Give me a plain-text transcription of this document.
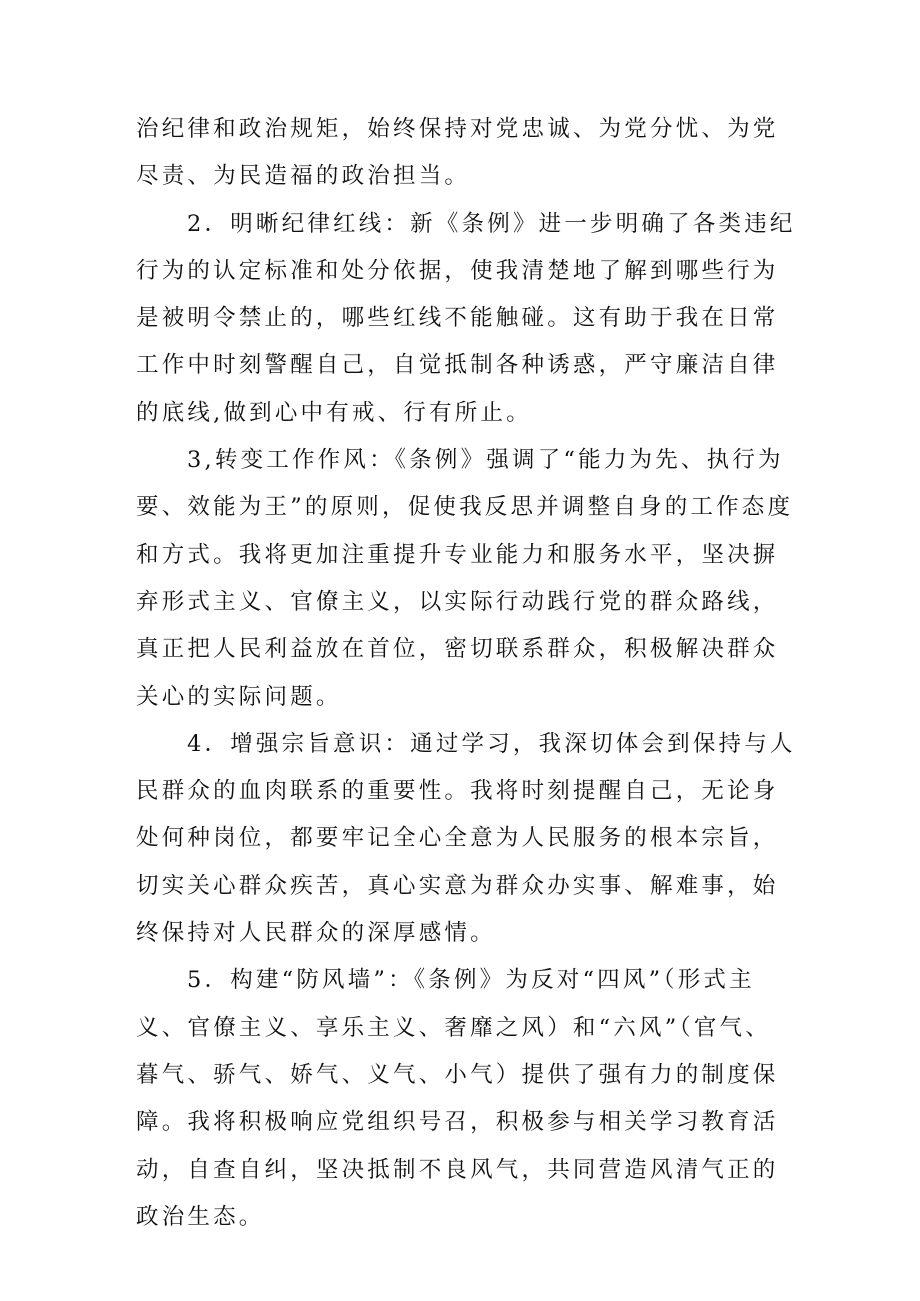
治纪律和政治规矩，始终保持对党忠诚、为党分忧、为党尽责、为民造福的政治担当。

2．明晰纪律红线：新《条例》进一步明确了各类违纪行为的认定标准和处分依据，使我清楚地了解到哪些行为是被明令禁止的，哪些红线不能触碰。这有助于我在日常工作中时刻警醒自己，自觉抵制各种诱惑，严守廉洁自律的底线,做到心中有戒、行有所止。

3,转变工作作风：《条例》强调了“能力为先、执行为要、效能为王”的原则，促使我反思并调整自身的工作态度和方式。我将更加注重提升专业能力和服务水平，坚决摒弃形式主义、官僚主义，以实际行动践行党的群众路线，真正把人民利益放在首位，密切联系群众，积极解决群众关心的实际问题。

4．增强宗旨意识：通过学习，我深切体会到保持与人民群众的血肉联系的重要性。我将时刻提醒自己，无论身处何种岗位，都要牢记全心全意为人民服务的根本宗旨，切实关心群众疾苦，真心实意为群众办实事、解难事，始终保持对人民群众的深厚感情。

5．构建“防风墙”：《条例》为反对“四风”（形式主义、官僚主义、享乐主义、奢靡之风）和“六风”（官气、暮气、骄气、娇气、义气、小气）提供了强有力的制度保障。我将积极响应党组织号召，积极参与相关学习教育活动，自查自纠，坚决抵制不良风气，共同营造风清气正的政治生态。
